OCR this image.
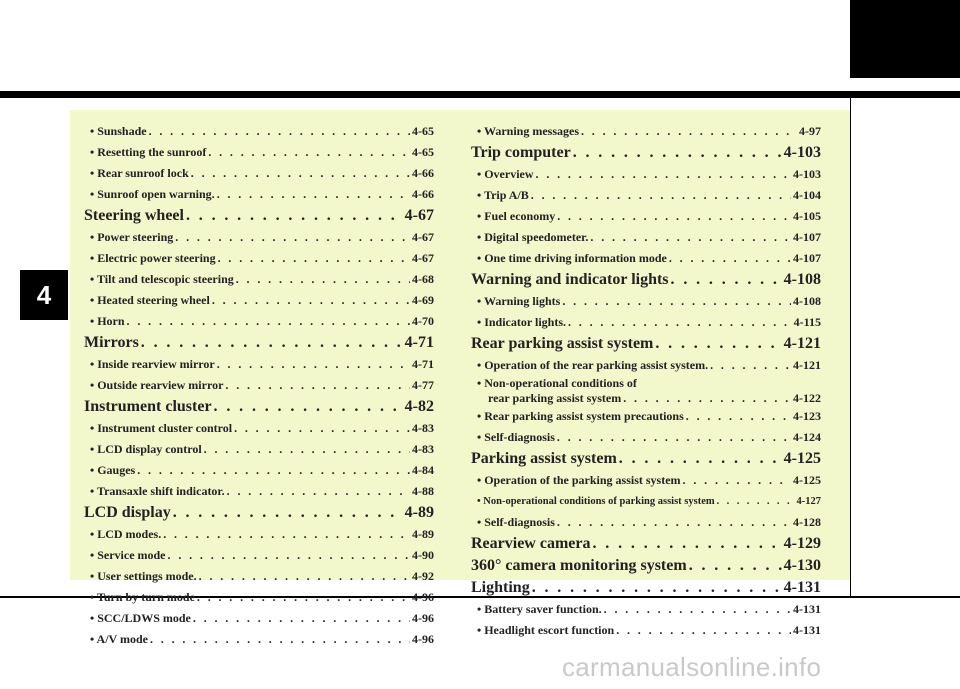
4
• Sunshade . . .	4-65
• Resetting the sunroof . . .	4-65
• Rear sunroof lock . . .	4-66
• Sunroof open warning. . . .	4-66
Steering wheel . . .	4-67
• Power steering . . .	4-67
• Electric power steering . . .	4-67
• Tilt and telescopic steering . . .	4-68
• Heated steering wheel . . .	4-69
• Horn . . .	4-70
Mirrors . . .	4-71
• Inside rearview mirror . . .	4-71
• Outside rearview mirror . . .	4-77
Instrument cluster . . .	4-82
• Instrument cluster control . . .	4-83
• LCD display control . . .	4-83
• Gauges . . .	4-84
• Transaxle shift indicator. . . .	4-88
LCD display . . .	4-89
• LCD modes. . . .	4-89
• Service mode . . .	4-90
• User settings mode. . . .	4-92
• Turn by turn mode . . .	4-96
• SCC/LDWS mode . . .	4-96
• A/V mode . . .	4-96
• Warning messages . . .	4-97
Trip computer . . .	4-103
• Overview . . .	4-103
• Trip A/B . . .	4-104
• Fuel economy . . .	4-105
• Digital speedometer. . . .	4-107
• One time driving information mode . . .	4-107
Warning and indicator lights . . .	4-108
• Warning lights . . .	4-108
• Indicator lights. . . .	4-115
Rear parking assist system . . .	4-121
• Operation of the rear parking assist system. . . .	4-121
• Non-operational conditions of
rear parking assist system . . .	4-122
• Rear parking assist system precautions . . .	4-123
• Self-diagnosis . . .	4-124
Parking assist system . . .	4-125
• Operation of the parking assist system . . .	4-125
• Non-operational conditions of parking assist system . . .	4-127
• Self-diagnosis . . .	4-128
Rearview camera . . .	4-129
360° camera monitoring system . . .	4-130
Lighting . . .	4-131
• Battery saver function. . . .	4-131
• Headlight escort function . . .	4-131
carmanualsonline.info
